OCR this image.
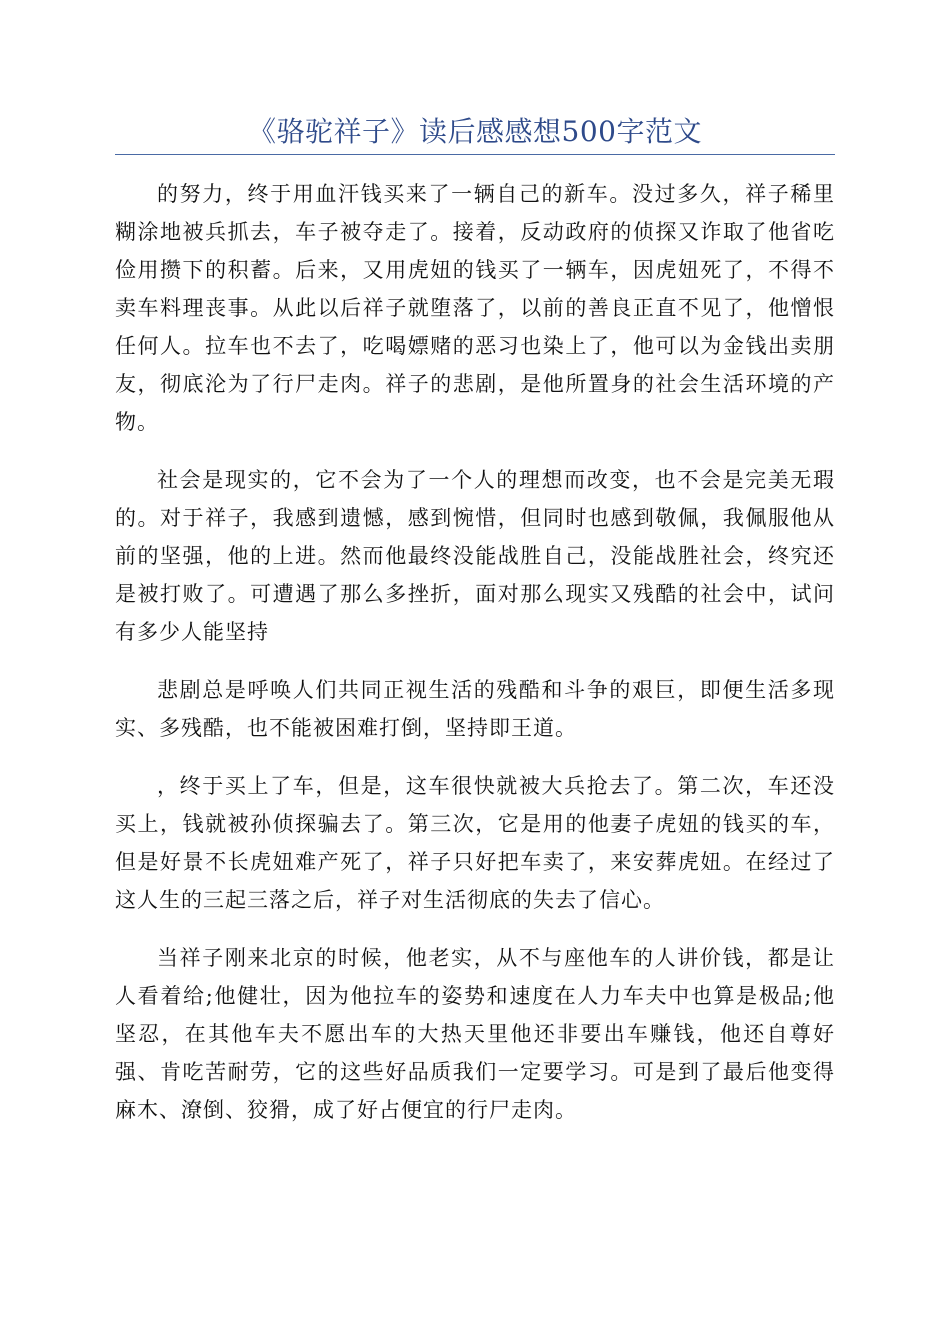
《骆驼祥子》读后感感想500字范文

的努力，终于用血汗钱买来了一辆自己的新车。没过多久，祥子稀里糊涂地被兵抓去，车子被夺走了。接着，反动政府的侦探又诈取了他省吃俭用攒下的积蓄。后来，又用虎妞的钱买了一辆车，因虎妞死了，不得不卖车料理丧事。从此以后祥子就堕落了，以前的善良正直不见了，他憎恨任何人。拉车也不去了，吃喝嫖赌的恶习也染上了，他可以为金钱出卖朋友，彻底沦为了行尸走肉。祥子的悲剧，是他所置身的社会生活环境的产物。

社会是现实的，它不会为了一个人的理想而改变，也不会是完美无瑕的。对于祥子，我感到遗憾，感到惋惜，但同时也感到敬佩，我佩服他从前的坚强，他的上进。然而他最终没能战胜自己，没能战胜社会，终究还是被打败了。可遭遇了那么多挫折，面对那么现实又残酷的社会中，试问有多少人能坚持

悲剧总是呼唤人们共同正视生活的残酷和斗争的艰巨，即便生活多现实、多残酷，也不能被困难打倒，坚持即王道。

，终于买上了车，但是，这车很快就被大兵抢去了。第二次，车还没买上，钱就被孙侦探骗去了。第三次，它是用的他妻子虎妞的钱买的车，但是好景不长虎妞难产死了，祥子只好把车卖了，来安葬虎妞。在经过了这人生的三起三落之后，祥子对生活彻底的失去了信心。

当祥子刚来北京的时候，他老实，从不与座他车的人讲价钱，都是让人看着给;他健壮，因为他拉车的姿势和速度在人力车夫中也算是极品;他坚忍，在其他车夫不愿出车的大热天里他还非要出车赚钱，他还自尊好强、肯吃苦耐劳，它的这些好品质我们一定要学习。可是到了最后他变得麻木、潦倒、狡猾，成了好占便宜的行尸走肉。
